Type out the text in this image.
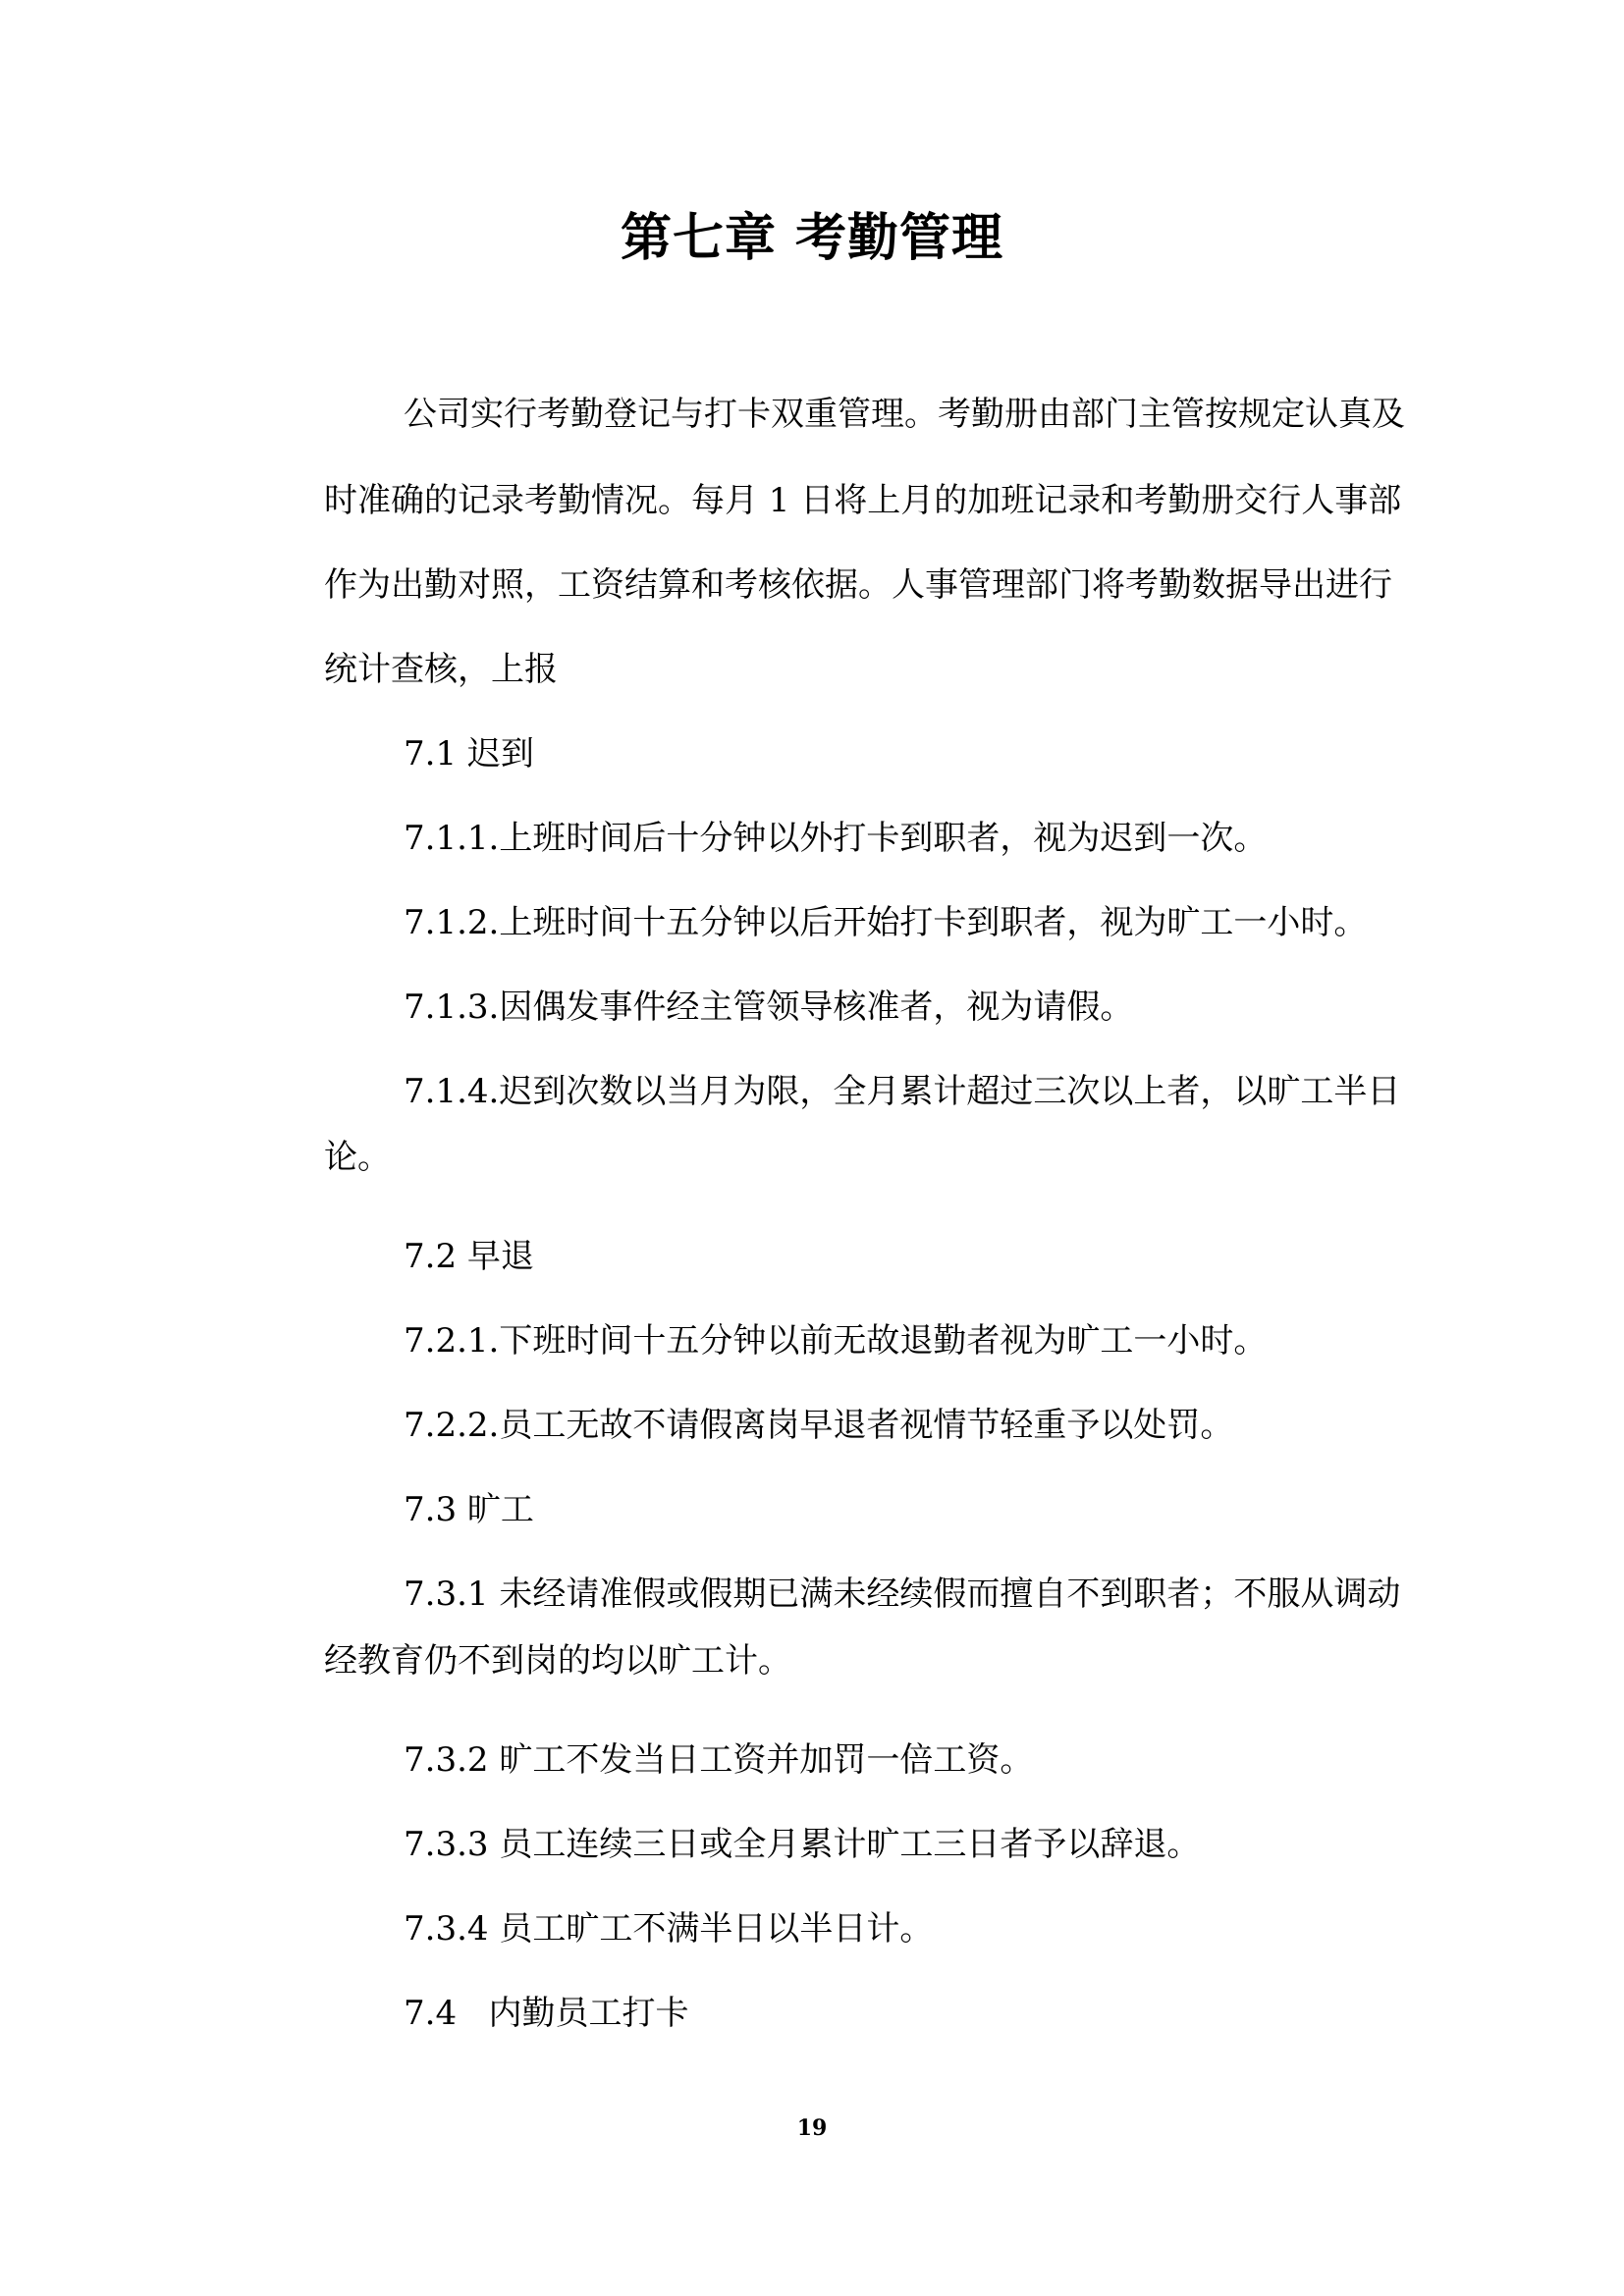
第七章 考勤管理
公司实行考勤登记与打卡双重管理。考勤册由部门主管按规定认真及
时准确的记录考勤情况。每月 1 日将上月的加班记录和考勤册交行人事部
作为出勤对照，工资结算和考核依据。人事管理部门将考勤数据导出进行
统计查核，上报
7.1 迟到
7.1.1.上班时间后十分钟以外打卡到职者，视为迟到一次。
7.1.2.上班时间十五分钟以后开始打卡到职者，视为旷工一小时。
7.1.3.因偶发事件经主管领导核准者，视为请假。
7.1.4.迟到次数以当月为限，全月累计超过三次以上者，以旷工半日
论。
7.2 早退
7.2.1.下班时间十五分钟以前无故退勤者视为旷工一小时。
7.2.2.员工无故不请假离岗早退者视情节轻重予以处罚。
7.3 旷工
7.3.1 未经请准假或假期已满未经续假而擅自不到职者；不服从调动
经教育仍不到岗的均以旷工计。
7.3.2 旷工不发当日工资并加罚一倍工资。
7.3.3 员工连续三日或全月累计旷工三日者予以辞退。
7.3.4 员工旷工不满半日以半日计。
7.4   内勤员工打卡
19
